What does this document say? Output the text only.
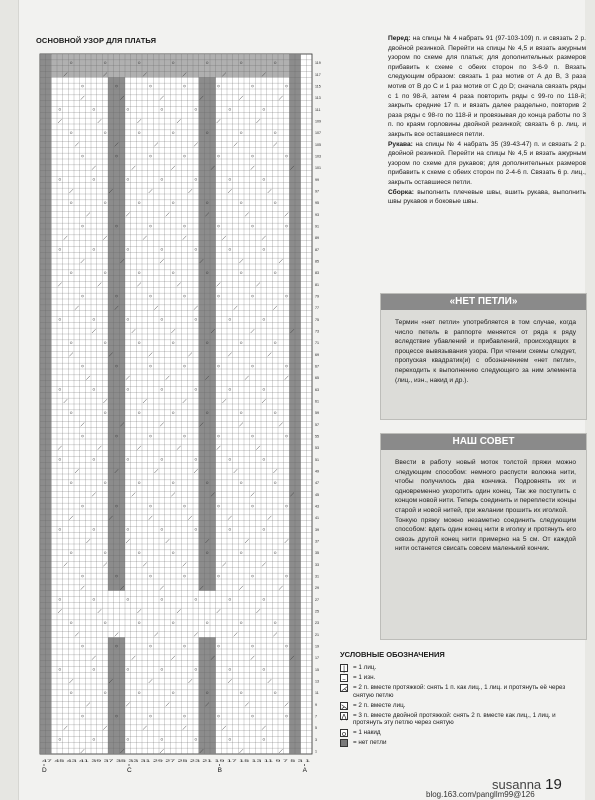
ОСНОВНОЙ УЗОР ДЛЯ ПЛАТЬЯ
119
117
115
113
111
109
107
105
103
101
99
97
95
93
91
89
87
85
83
81
79
77
75
73
71
69
67
65
63
61
59
57
55
53
51
49
47
45
43
41
39
37
35
33
31
29
27
25
23
21
19
17
15
13
11
9
7
5
3
1
47 45 43 41 39 37 35 33 31 29 27 25 23 21 19 17 15 13 11 9 7 5 3 1
D	C	B	A

Перед: на спицы № 4 набрать 91 (97-103-109) п. и связать 2 р. двойной резинкой. Перейти на спицы № 4,5 и вязать ажурным узором по схеме для платья; для дополнительных размеров прибавить к схеме с обеих сторон по 3-6-9 п. Вязать следующим образом: связать 1 раз мотив от А до В, 3 раза мотив от В до С и 1 раз мотив от С до D; сначала связать ряды с 1 по 98-й, затем 4 раза повторить ряды с 99-го по 118-й; закрыть средние 17 п. и вязать далее раздельно, повторив 2 раза ряды с 98-го по 118-й и провязывая до конца работы по 3 п. по краям горловины двойной резинкой; связать 6 р. лиц. и закрыть все оставшиеся петли.

Рукава: на спицы № 4 набрать 35 (39-43-47) п. и связать 2 р. двойной резинкой. Перейти на спицы № 4,5 и вязать ажурным узором по схеме для рукавов; для дополнительных размеров прибавить к схеме с обеих сторон по 2-4-6 п. Связать 6 р. лиц., закрыть оставшиеся петли.

Сборка: выполнить плечевые швы, вшить рукава, выполнить швы рукавов и боковые швы.

«НЕТ ПЕТЛИ»
Термин «нет петли» употребляется в том случае, когда число петель в раппорте меняется от ряда к ряду вследствие убавлений и прибавлений, происходящих в процессе вывязывания узора. При чтении схемы следует, пропуская квадратик(и) с обозначением «нет петли», переходить к выполнению следующего за ним элемента (лиц., изн., накид и др.).
НАШ СОВЕТ
Ввести в работу новый моток толстой пряжи можно следующим способом: немного распусти волокна нити, чтобы получилось два кончика. Подровнять их и одновременно укоротить один конец. Так же поступить с концом новой нити. Теперь соединить и переплести концы старой и новой нитей, при желании прошить их иголкой.
Тонкую пряжу можно незаметно соединить следующим способом: вдеть один конец нити в иголку и протянуть его сквозь другой конец нити примерно на 5 см. От каждой нити останется свисать совсем маленький кончик.
УСЛОВНЫЕ ОБОЗНАЧЕНИЯ
|	= 1 лиц.
–	= 1 изн.
⋌ = 2 п. вместе протяжкой: снять 1 п. как лиц., 1 лиц. и протянуть её через снятую петлю
⋋ = 2 п. вместе лиц.
⋀ = 3 п. вместе двойной протяжкой: снять 2 п. вместе как лиц., 1 лиц. и протянуть эту петлю через снятую
o = 1 накид
= нет петли
susanna 19
blog.163.com/pangllm99@126
